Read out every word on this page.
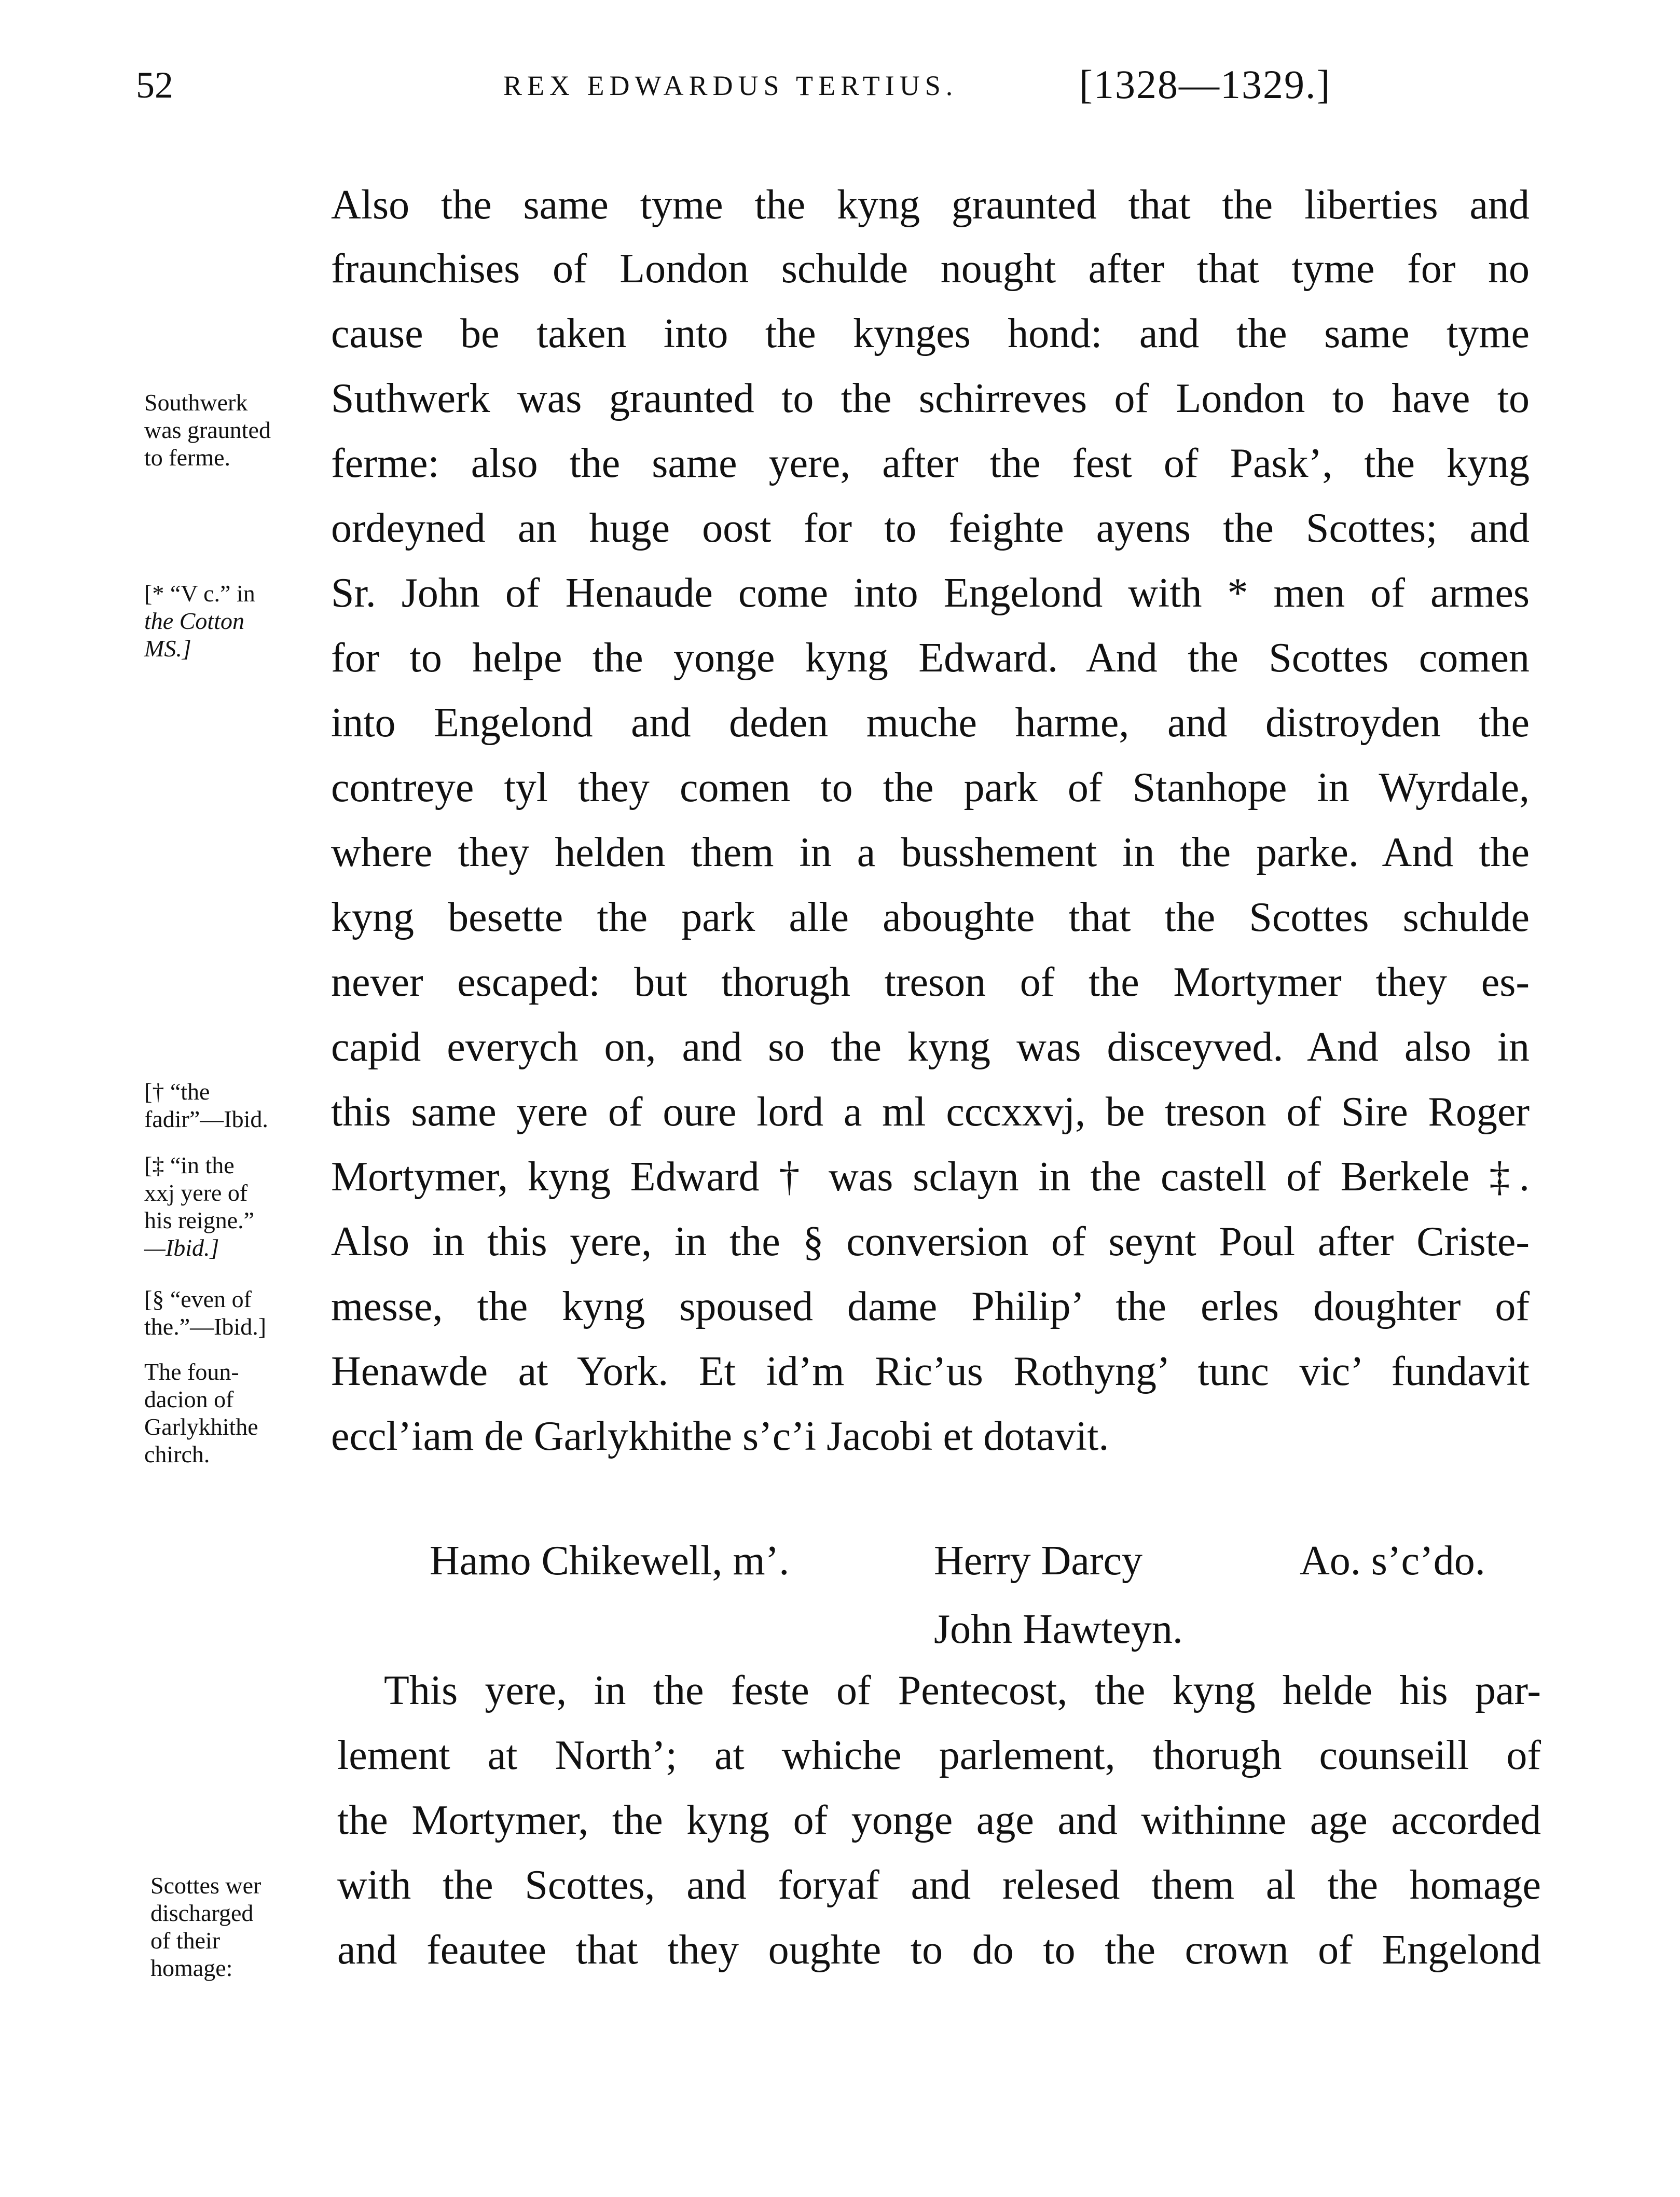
52	REX EDWARDUS TERTIUS.	[1328—1329.]
Also the same tyme the kyng graunted that the liberties and
fraunchises of London schulde nought after that tyme for no
cause be taken into the kynges hond: and the same tyme
Suthwerk was graunted to the schirreves of London to have to
ferme: also the same yere, after the fest of Pask’, the kyng
ordeyned an huge oost for to feighte ayens the Scottes; and
Sr. John of Henaude come into Engelond with * men of armes
for to helpe the yonge kyng Edward. And the Scottes comen
into Engelond and deden muche harme, and distroyden the
contreye tyl they comen to the park of Stanhope in Wyrdale,
where they helden them in a busshement in the parke. And the
kyng besette the park alle aboughte that the Scottes schulde
never escaped: but thorugh treson of the Mortymer they es-
capid everych on, and so the kyng was disceyved. And also in
this same yere of oure lord a ml cccxxvj, be treson of Sire Roger
Mortymer, kyng Edward † was sclayn in the castell of Berkele ‡.
Also in this yere, in the § conversion of seynt Poul after Criste-
messe, the kyng spoused dame Philip’ the erles doughter of
Henawde at York. Et id’m Ric’us Rothyng’ tunc vic’ fundavit
eccl’iam de Garlykhithe s’c’i Jacobi et dotavit.
Hamo Chikewell, m’.	Herry Darcy
John Hawteyn.
Ao. s’c’do.
This yere, in the feste of Pentecost, the kyng helde his par-
lement at North’; at whiche parlement, thorugh counseill of
the Mortymer, the kyng of yonge age and withinne age accorded
with the Scottes, and foryaf and relesed them al the homage
and feautee that they oughte to do to the crown of Engelond
Southwerk
was graunted
to ferme.
[* “V c.” in
the Cotton
MS.]
[† “the
fadir”—Ibid.
[‡ “in the
xxj yere of
his reigne.”
—Ibid.]
[§ “even of
the.”—Ibid.]
The foun-
dacion of
Garlykhithe
chirch.
Scottes wer
discharged
of their
homage:
